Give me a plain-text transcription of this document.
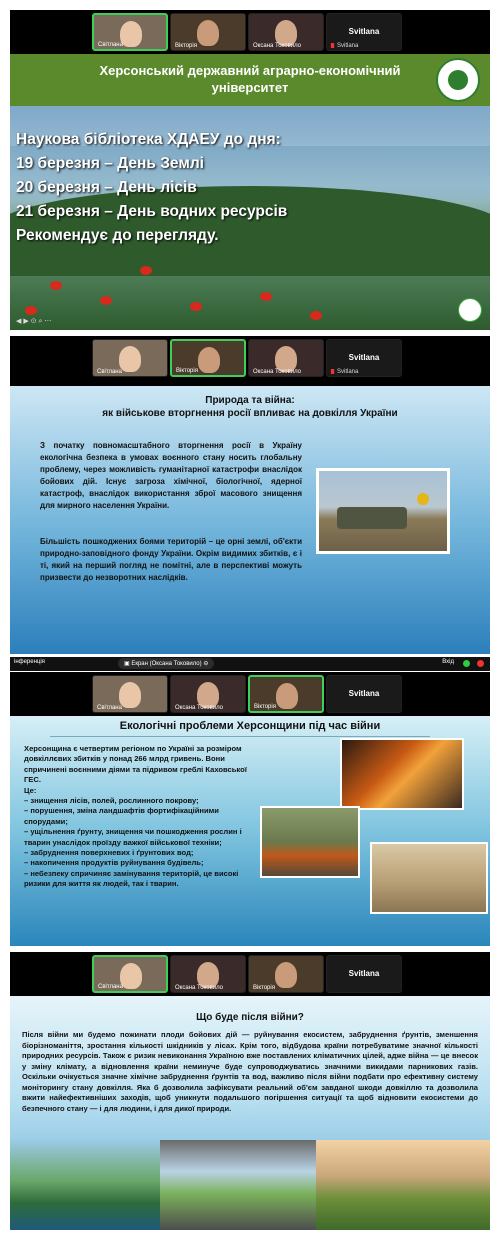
Світлана	Вікторія	Оксана Токовило
Svitlana
Svitlana
Херсонський державний аграрно-економічний університет
◀ ▶ ⊙ ⌕ ⋯
Наукова бібліотека ХДАЕУ до дня:
19 березня – День Землі
20 березня – День лісів
21 березня – День водних ресурсів
Рекомендує до перегляду.
Світлана	Вікторія	Оксана Токовило
Svitlana
Svitlana
Природа та війна:
як військове вторгнення росії впливає на довкілля України
З початку повномасштабного вторгнення росії в Україну екологічна безпека в умовах воєнного стану носить глобальну проблему, через можливість гуманітарної катастрофи внаслідок бойових дій. Існує загроза хімічної, біологічної, ядерної катастроф, внаслідок використання зброї масового знищення для мирного населення України.
Більшість пошкоджених боями територій – це орні землі, об'єкти природно-заповідного фонду України. Окрім видимих збитків, є і ті, який на перший погляд не помітні, але в перспективі можуть призвести до незворотних наслідків.
інференція	▣ Екран (Оксана Токовило) ⊖	Вхід
Світлана	Оксана Токовило	Вікторія
Svitlana
Екологічні проблеми Херсонщини під час війни
Херсонщина є четвертим регіоном по Україні за розміром довкіллєвих збитків у понад 266 млрд гривень. Вони спричинені воєнними діями та підривом греблі Каховської ГЕС.
Це:
– знищення лісів, полей, рослинного покрову;
– порушення, зміна ландшафтів фортифікаційними спорудами;
– ущільнення ґрунту, знищення чи пошкодження рослин і тварин унаслідок проїзду важкої військової техніки;
– забруднення поверхневих і ґрунтових вод;
– накопичення продуктів руйнування будівель;
– небезпеку спричиняє замінування територій, це високі ризики для життя як людей, так і тварин.
Світлана	Оксана Токовило	Вікторія
Svitlana
Що буде після війни?
Після війни ми будемо пожинати плоди бойових дій — руйнування екосистем, забруднення ґрунтів, зменшення біорізноманіття, зростання кількості шкідників у лісах. Крім того, відбудова країни потребуватиме значної кількості природних ресурсів. Також є ризик невиконання Україною вже поставлених кліматичних цілей, адже війна — це внесок у зміну клімату, а відновлення країни неминуче буде супроводжуватись значними викидами парникових газів. Оскільки очікується значне хімічне забруднення ґрунтів та вод, важливо після війни подбати про ефективну систему моніторингу стану довкілля. Яка б дозволила зафіксувати реальний об'єм завданої шкоди довкіллю та дозволила вжити найефективніших заходів, щоб уникнути подальшого погіршення ситуації та щоб відновити екосистеми до безпечного стану — і для людини, і для дикої природи.
